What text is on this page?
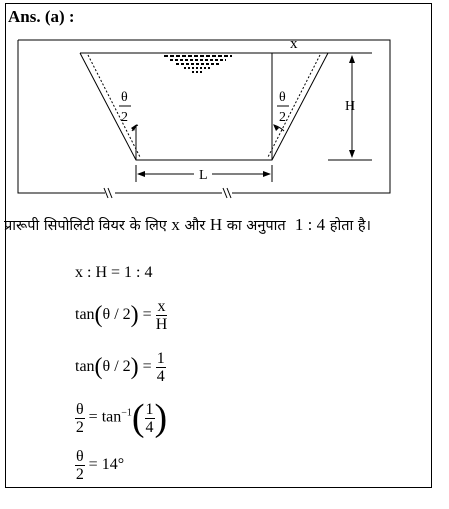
Ans. (a) :
H
x
L
θ
2
θ
2
प्रारूपी सिपोलिटी वियर के लिए x और H का अनुपात 1 : 4 होता है।
x : H = 1 : 4
$\tan(\theta / 2) = \frac{x}{H}$
$\tan(\theta / 2) = \frac{1}{4}$
$\frac{\theta}{2} = \tan^{-1}( \frac{1}{4}$ )
$\frac{\theta}{2} = 14^\circ$
